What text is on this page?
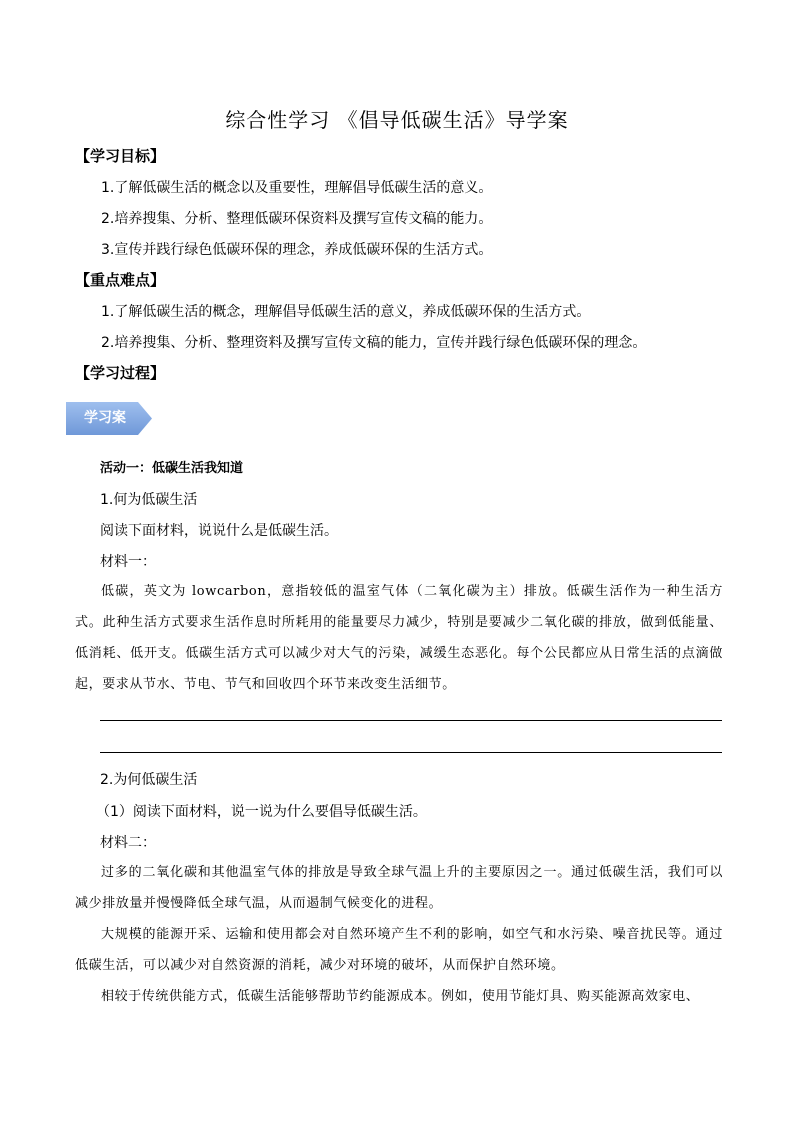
综合性学习 《倡导低碳生活》导学案
【学习目标】
1.了解低碳生活的概念以及重要性，理解倡导低碳生活的意义。
2.培养搜集、分析、整理低碳环保资料及撰写宣传文稿的能力。
3.宣传并践行绿色低碳环保的理念，养成低碳环保的生活方式。
【重点难点】
1.了解低碳生活的概念，理解倡导低碳生活的意义，养成低碳环保的生活方式。
2.培养搜集、分析、整理资料及撰写宣传文稿的能力，宣传并践行绿色低碳环保的理念。
【学习过程】
学习案
活动一：低碳生活我知道
1.何为低碳生活
阅读下面材料，说说什么是低碳生活。
材料一：

低碳，英文为 lowcarbon，意指较低的温室气体（二氧化碳为主）排放。低碳生活作为一种生活方式。此种生活方式要求生活作息时所耗用的能量要尽力减少，特别是要减少二氧化碳的排放，做到低能量、低消耗、低开支。低碳生活方式可以减少对大气的污染，减缓生态恶化。每个公民都应从日常生活的点滴做起，要求从节水、节电、节气和回收四个环节来改变生活细节。

2.为何低碳生活
（1）阅读下面材料，说一说为什么要倡导低碳生活。
材料二：

过多的二氧化碳和其他温室气体的排放是导致全球气温上升的主要原因之一。通过低碳生活，我们可以减少排放量并慢慢降低全球气温，从而遏制气候变化的进程。

大规模的能源开采、运输和使用都会对自然环境产生不利的影响，如空气和水污染、噪音扰民等。通过低碳生活，可以减少对自然资源的消耗，减少对环境的破坏，从而保护自然环境。

相较于传统供能方式，低碳生活能够帮助节约能源成本。例如，使用节能灯具、购买能源高效家电、
